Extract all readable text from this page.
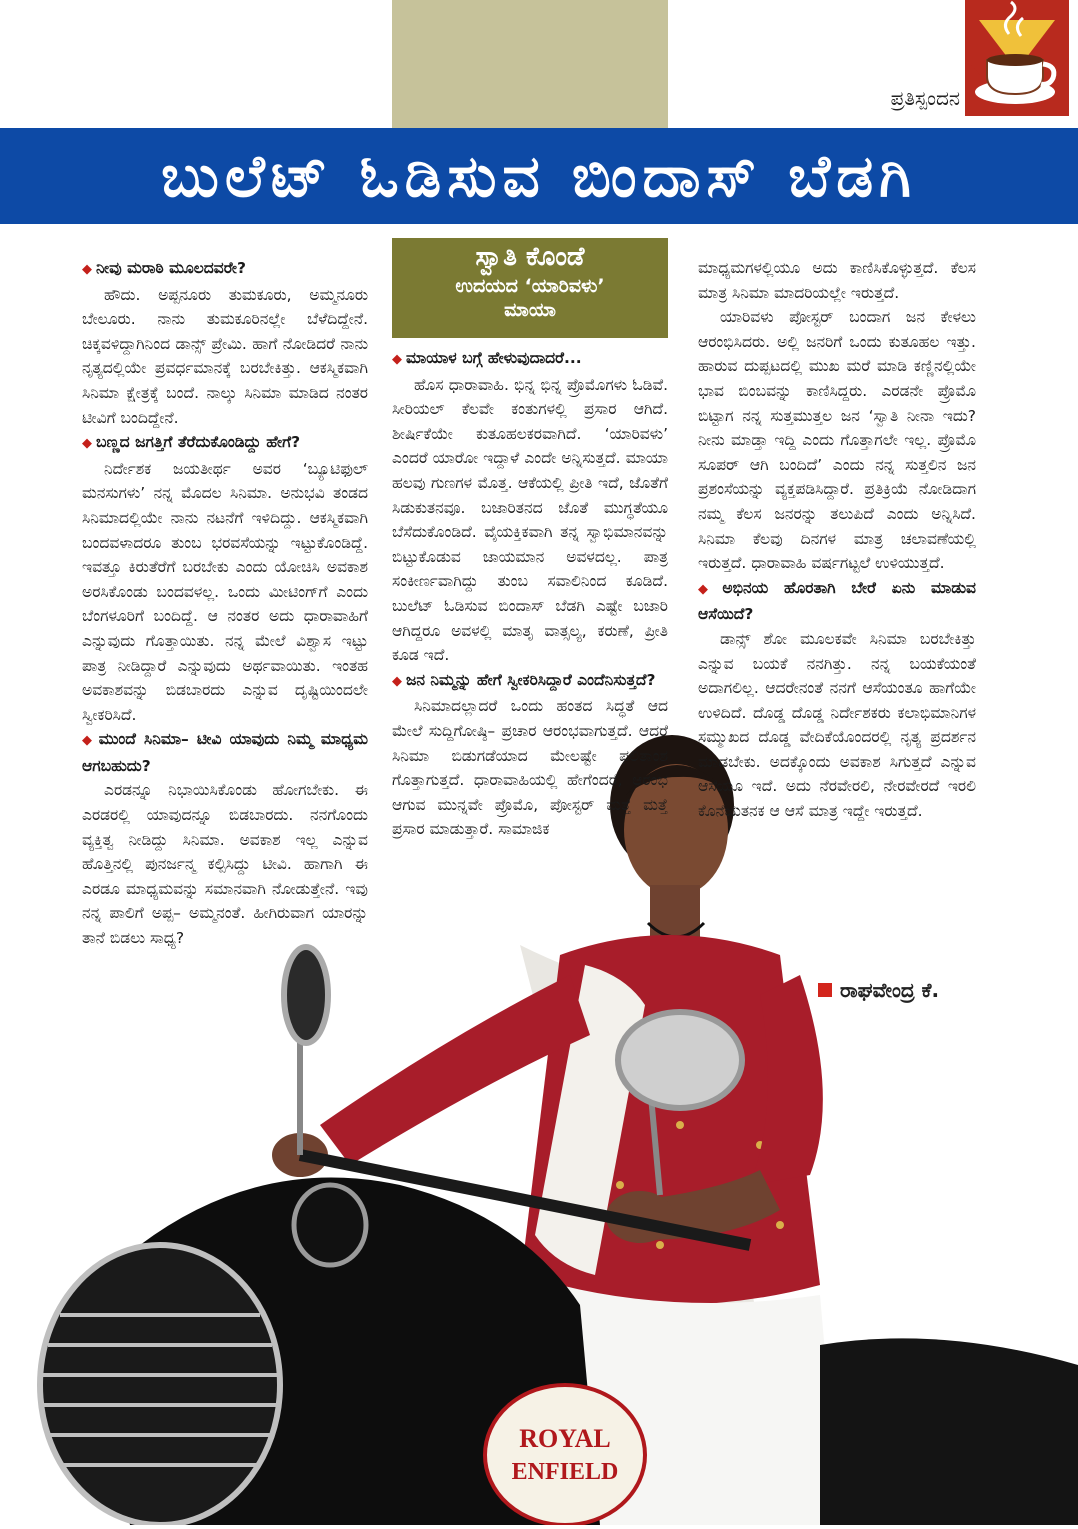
ಪ್ರತಿಸ್ಪಂದನ
ಬುಲೆಟ್ ಓಡಿಸುವ ಬಿಂದಾಸ್ ಬೆಡಗಿ
ಸ್ವಾತಿ ಕೊಂಡೆ
ಉದಯದ ‘ಯಾರಿವಳು’
ಮಾಯಾ
ROYAL
ENFIELD

◆ ನೀವು ಮರಾಠಿ ಮೂಲದವರೇ?

ಹೌದು. ಅಪ್ಪನೂರು ತುಮಕೂರು, ಅಮ್ಮನೂರು ಬೇಲೂರು. ನಾನು ತುಮಕೂರಿನಲ್ಲೇ ಬೆಳೆದಿದ್ದೇನೆ. ಚಿಕ್ಕವಳಿದ್ದಾಗಿನಿಂದ ಡಾನ್ಸ್ ಪ್ರೇಮಿ. ಹಾಗೆ ನೋಡಿದರೆ ನಾನು ನೃತ್ಯದಲ್ಲಿಯೇ ಪ್ರವರ್ಧಮಾನಕ್ಕೆ ಬರಬೇಕಿತ್ತು. ಆಕಸ್ಮಿಕವಾಗಿ ಸಿನಿಮಾ ಕ್ಷೇತ್ರಕ್ಕೆ ಬಂದೆ. ನಾಲ್ಕು ಸಿನಿಮಾ ಮಾಡಿದ ನಂತರ ಟೀವಿಗೆ ಬಂದಿದ್ದೇನೆ.

◆ ಬಣ್ಣದ ಜಗತ್ತಿಗೆ ತೆರೆದುಕೊಂಡಿದ್ದು ಹೇಗೆ?

ನಿರ್ದೇಶಕ ಜಯತೀರ್ಥ ಅವರ ‘ಬ್ಯೂಟಿಫುಲ್ ಮನಸುಗಳು’ ನನ್ನ ಮೊದಲ ಸಿನಿಮಾ. ಅನುಭವಿ ತಂಡದ ಸಿನಿಮಾದಲ್ಲಿಯೇ ನಾನು ನಟನೆಗೆ ಇಳಿದಿದ್ದು. ಆಕಸ್ಮಿಕವಾಗಿ ಬಂದವಳಾದರೂ ತುಂಬ ಭರವಸೆಯನ್ನು ಇಟ್ಟುಕೊಂಡಿದ್ದೆ. ಇವತ್ತೂ ಕಿರುತೆರೆಗೆ ಬರಬೇಕು ಎಂದು ಯೋಚಿಸಿ ಅವಕಾಶ ಅರಸಿಕೊಂಡು ಬಂದವಳಲ್ಲ. ಒಂದು ಮೀಟಿಂಗ್‌ಗೆ ಎಂದು ಬೆಂಗಳೂರಿಗೆ ಬಂದಿದ್ದೆ. ಆ ನಂತರ ಅದು ಧಾರಾವಾಹಿಗೆ ಎನ್ನುವುದು ಗೊತ್ತಾಯಿತು. ನನ್ನ ಮೇಲೆ ವಿಶ್ವಾಸ ಇಟ್ಟು ಪಾತ್ರ ನೀಡಿದ್ದಾರೆ ಎನ್ನುವುದು ಅರ್ಥವಾಯಿತು. ಇಂತಹ ಅವಕಾಶವನ್ನು ಬಿಡಬಾರದು ಎನ್ನುವ ದೃಷ್ಟಿಯಿಂದಲೇ ಸ್ವೀಕರಿಸಿದೆ.

◆ ಮುಂದೆ ಸಿನಿಮಾ– ಟೀವಿ ಯಾವುದು ನಿಮ್ಮ ಮಾಧ್ಯಮ ಆಗಬಹುದು?

ಎರಡನ್ನೂ ನಿಭಾಯಿಸಿಕೊಂಡು ಹೋಗಬೇಕು. ಈ ಎರಡರಲ್ಲಿ ಯಾವುದನ್ನೂ ಬಿಡಬಾರದು. ನನಗೊಂದು ವ್ಯಕ್ತಿತ್ವ ನೀಡಿದ್ದು ಸಿನಿಮಾ. ಅವಕಾಶ ಇಲ್ಲ ಎನ್ನುವ ಹೊತ್ತಿನಲ್ಲಿ ಪುನರ್ಜನ್ಮ ಕಲ್ಪಿಸಿದ್ದು ಟೀವಿ. ಹಾಗಾಗಿ ಈ ಎರಡೂ ಮಾಧ್ಯಮವನ್ನು ಸಮಾನವಾಗಿ ನೋಡುತ್ತೇನೆ. ಇವು ನನ್ನ ಪಾಲಿಗೆ ಅಪ್ಪ– ಅಮ್ಮನಂತೆ. ಹೀಗಿರುವಾಗ ಯಾರನ್ನು ತಾನೆ ಬಿಡಲು ಸಾಧ್ಯ?

◆ ಮಾಯಾಳ ಬಗ್ಗೆ ಹೇಳುವುದಾದರೆ...

ಹೊಸ ಧಾರಾವಾಹಿ. ಭಿನ್ನ ಭಿನ್ನ ಪ್ರೊಮೊಗಳು ಓಡಿವೆ. ಸೀರಿಯಲ್ ಕೆಲವೇ ಕಂತುಗಳಲ್ಲಿ ಪ್ರಸಾರ ಆಗಿದೆ. ಶೀರ್ಷಿಕೆಯೇ ಕುತೂಹಲಕರವಾಗಿದೆ. ‘ಯಾರಿವಳು’ ಎಂದರೆ ಯಾರೋ ಇದ್ದಾಳೆ ಎಂದೇ ಅನ್ನಿಸುತ್ತದೆ. ಮಾಯಾ ಹಲವು ಗುಣಗಳ ಮೊತ್ತ. ಆಕೆಯಲ್ಲಿ ಪ್ರೀತಿ ಇದೆ, ಜೊತೆಗೆ ಸಿಡುಕುತನವೂ. ಬಜಾರಿತನದ ಜೊತೆ ಮುಗ್ಧತೆಯೂ ಬೆಸೆದುಕೊಂಡಿದೆ. ವೈಯಕ್ತಿಕವಾಗಿ ತನ್ನ ಸ್ವಾಭಿಮಾನವನ್ನು ಬಿಟ್ಟುಕೊಡುವ ಜಾಯಮಾನ ಅವಳದಲ್ಲ. ಪಾತ್ರ ಸಂಕೀರ್ಣವಾಗಿದ್ದು ತುಂಬ ಸವಾಲಿನಿಂದ ಕೂಡಿದೆ. ಬುಲೆಟ್ ಓಡಿಸುವ ಬಿಂದಾಸ್ ಬೆಡಗಿ ಎಷ್ಟೇ ಬಜಾರಿ ಆಗಿದ್ದರೂ ಅವಳಲ್ಲಿ ಮಾತೃ ವಾತ್ಸಲ್ಯ, ಕರುಣೆ, ಪ್ರೀತಿ ಕೂಡ ಇದೆ.

◆ ಜನ ನಿಮ್ಮನ್ನು ಹೇಗೆ ಸ್ವೀಕರಿಸಿದ್ದಾರೆ ಎಂದೆನಿಸುತ್ತದೆ?

ಸಿನಿಮಾದಲ್ಲಾದರೆ ಒಂದು ಹಂತದ ಸಿದ್ಧತೆ ಆದ ಮೇಲೆ ಸುದ್ದಿಗೋಷ್ಠಿ– ಪ್ರಚಾರ ಆರಂಭವಾಗುತ್ತದೆ. ಆದರೆ ಸಿನಿಮಾ ಬಿಡುಗಡೆಯಾದ ಮೇಲಷ್ಟೇ ಫಲಿತಾಂಶ ಗೊತ್ತಾಗುತ್ತದೆ. ಧಾರಾವಾಹಿಯಲ್ಲಿ ಹೇಗೆಂದರೆ, ಆರಂಭ ಆಗುವ ಮುನ್ನವೇ ಪ್ರೊಮೊ, ಪೋಸ್ಟರ್ ಮತ್ತೆ ಮತ್ತೆ ಪ್ರಸಾರ ಮಾಡುತ್ತಾರೆ. ಸಾಮಾಜಿಕ

ಮಾಧ್ಯಮಗಳಲ್ಲಿಯೂ ಅದು ಕಾಣಿಸಿಕೊಳ್ಳುತ್ತದೆ. ಕೆಲಸ ಮಾತ್ರ ಸಿನಿಮಾ ಮಾದರಿಯಲ್ಲೇ ಇರುತ್ತದೆ.

ಯಾರಿವಳು ಪೋಸ್ಟರ್ ಬಂದಾಗ ಜನ ಕೇಳಲು ಆರಂಭಿಸಿದರು. ಅಲ್ಲಿ ಜನರಿಗೆ ಒಂದು ಕುತೂಹಲ ಇತ್ತು. ಹಾರುವ ದುಪ್ಪಟದಲ್ಲಿ ಮುಖ ಮರೆ ಮಾಡಿ ಕಣ್ಣಿನಲ್ಲಿಯೇ ಭಾವ ಬಿಂಬವನ್ನು ಕಾಣಿಸಿದ್ದರು. ಎರಡನೇ ಪ್ರೊಮೊ ಬಿಟ್ಟಾಗ ನನ್ನ ಸುತ್ತಮುತ್ತಲ ಜನ ‘ಸ್ವಾತಿ ನೀನಾ ಇದು? ನೀನು ಮಾಡ್ತಾ ಇದ್ದಿ ಎಂದು ಗೊತ್ತಾಗಲೇ ಇಲ್ಲ. ಪ್ರೊಮೊ ಸೂಪರ್ ಆಗಿ ಬಂದಿದೆ’ ಎಂದು ನನ್ನ ಸುತ್ತಲಿನ ಜನ ಪ್ರಶಂಸೆಯನ್ನು ವ್ಯಕ್ತಪಡಿಸಿದ್ದಾರೆ. ಪ್ರತಿಕ್ರಿಯೆ ನೋಡಿದಾಗ ನಮ್ಮ ಕೆಲಸ ಜನರನ್ನು ತಲುಪಿದೆ ಎಂದು ಅನ್ನಿಸಿದೆ. ಸಿನಿಮಾ ಕೆಲವು ದಿನಗಳ ಮಾತ್ರ ಚಲಾವಣೆಯಲ್ಲಿ ಇರುತ್ತದೆ. ಧಾರಾವಾಹಿ ವರ್ಷಗಟ್ಟಲೆ ಉಳಿಯುತ್ತದೆ.

◆ ಅಭಿನಯ ಹೊರತಾಗಿ ಬೇರೆ ಏನು ಮಾಡುವ ಆಸೆಯಿದೆ?

ಡಾನ್ಸ್ ಶೋ ಮೂಲಕವೇ ಸಿನಿಮಾ ಬರಬೇಕಿತ್ತು ಎನ್ನುವ ಬಯಕೆ ನನಗಿತ್ತು. ನನ್ನ ಬಯಕೆಯಂತೆ ಅದಾಗಲಿಲ್ಲ. ಆದರೇನಂತೆ ನನಗೆ ಆಸೆಯಂತೂ ಹಾಗೆಯೇ ಉಳಿದಿದೆ. ದೊಡ್ಡ ದೊಡ್ಡ ನಿರ್ದೇಶಕರು ಕಲಾಭಿಮಾನಿಗಳ ಸಮ್ಮುಖದ ದೊಡ್ಡ ವೇದಿಕೆಯೊಂದರಲ್ಲಿ ನೃತ್ಯ ಪ್ರದರ್ಶನ ಮಾಡಬೇಕು. ಅದಕ್ಕೊಂದು ಅವಕಾಶ ಸಿಗುತ್ತದೆ ಎನ್ನುವ ಆಸೆಯೂ ಇದೆ. ಅದು ನೆರವೇರಲಿ, ನೇರವೇರದೆ ಇರಲಿ ಕೊನೆಯತನಕ ಆ ಆಸೆ ಮಾತ್ರ ಇದ್ದೇ ಇರುತ್ತದೆ.

ರಾಘವೇಂದ್ರ ಕೆ.
